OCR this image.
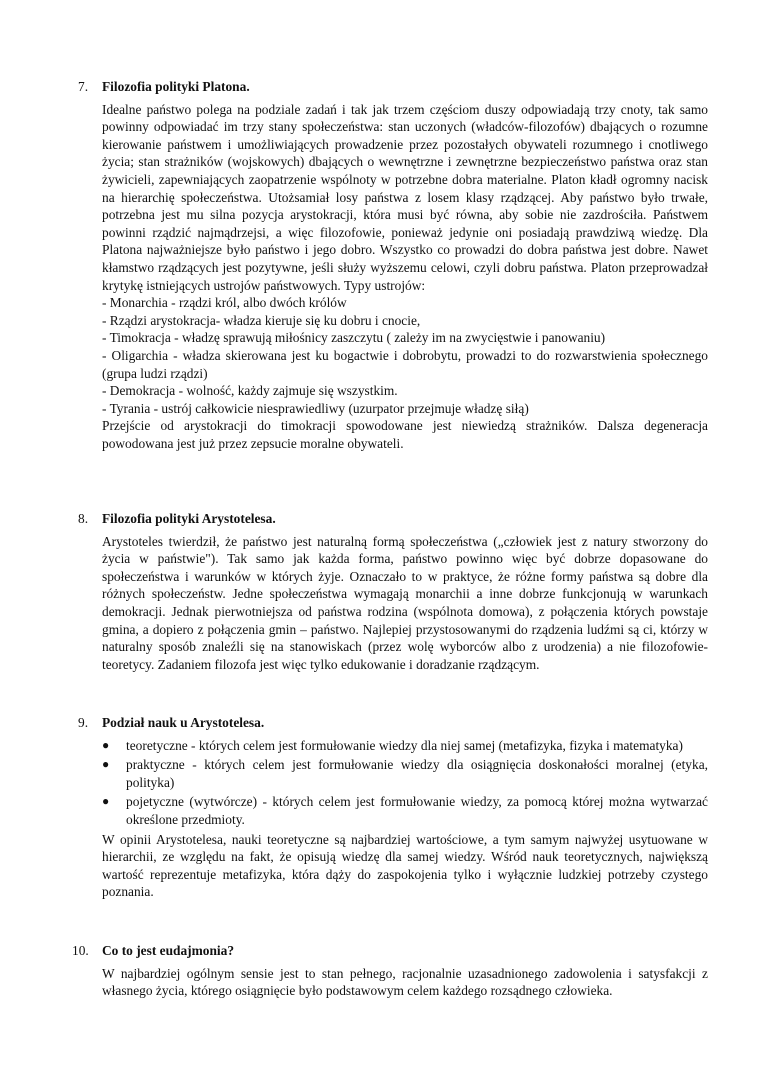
7.	Filozofia polityki Platona.

Idealne państwo polega na podziale zadań i tak jak trzem częściom duszy odpowiadają trzy cnoty, tak samo powinny odpowiadać im trzy stany społeczeństwa: stan uczonych (władców-filozofów) dbających o rozumne kierowanie państwem i umożliwiających prowadzenie przez pozostałych obywateli rozumnego i cnotliwego życia; stan strażników (wojskowych) dbających o wewnętrzne i zewnętrzne bezpieczeństwo państwa oraz stan żywicieli, zapewniających zaopatrzenie wspólnoty w potrzebne dobra materialne. Platon kładł ogromny nacisk na hierarchię społeczeństwa. Utożsamiał losy państwa z losem klasy rządzącej. Aby państwo było trwałe, potrzebna jest mu silna pozycja arystokracji, która musi być równa, aby sobie nie zazdrościła. Państwem powinni rządzić najmądrzejsi, a więc filozofowie, ponieważ jedynie oni posiadają prawdziwą wiedzę. Dla Platona najważniejsze było państwo i jego dobro. Wszystko co prowadzi do dobra państwa jest dobre. Nawet kłamstwo rządzących jest pozytywne, jeśli służy wyższemu celowi, czyli dobru państwa. Platon przeprowadzał krytykę istniejących ustrojów państwowych. Typy ustrojów:

- Monarchia - rządzi król, albo dwóch królów
- Rządzi arystokracja- władza kieruje się ku dobru i cnocie,
- Timokracja - władzę sprawują miłośnicy zaszczytu ( zależy im na zwycięstwie i panowaniu)

- Oligarchia - władza skierowana jest ku bogactwie i dobrobytu, prowadzi to do rozwarstwienia społecznego (grupa ludzi rządzi)

- Demokracja - wolność, każdy zajmuje się wszystkim.
- Tyrania - ustrój całkowicie niesprawiedliwy (uzurpator przejmuje władzę siłą)

Przejście od arystokracji do timokracji spowodowane jest niewiedzą strażników. Dalsza degeneracja powodowana jest już przez zepsucie moralne obywateli.

8.	Filozofia polityki Arystotelesa.

Arystoteles twierdził, że państwo jest naturalną formą społeczeństwa („człowiek jest z natury stworzony do życia w państwie"). Tak samo jak każda forma, państwo powinno więc być dobrze dopasowane do społeczeństwa i warunków w których żyje. Oznaczało to w praktyce, że różne formy państwa są dobre dla różnych społeczeństw. Jedne społeczeństwa wymagają monarchii a inne dobrze funkcjonują w warunkach demokracji. Jednak pierwotniejsza od państwa rodzina (wspólnota domowa), z połączenia których powstaje gmina, a dopiero z połączenia gmin – państwo. Najlepiej przystosowanymi do rządzenia ludźmi są ci, którzy w naturalny sposób znaleźli się na stanowiskach (przez wolę wyborców albo z urodzenia) a nie filozofowie-teoretycy. Zadaniem filozofa jest więc tylko edukowanie i doradzanie rządzącym.

9.	Podział nauk u Arystotelesa.
● teoretyczne - których celem jest formułowanie wiedzy dla niej samej (metafizyka, fizyka i matematyka)
● praktyczne - których celem jest formułowanie wiedzy dla osiągnięcia doskonałości moralnej (etyka, polityka)
● pojetyczne (wytwórcze) - których celem jest formułowanie wiedzy, za pomocą której można wytwarzać określone przedmioty.

W opinii Arystotelesa, nauki teoretyczne są najbardziej wartościowe, a tym samym najwyżej usytuowane w hierarchii, ze względu na fakt, że opisują wiedzę dla samej wiedzy. Wśród nauk teoretycznych, największą wartość reprezentuje metafizyka, która dąży do zaspokojenia tylko i wyłącznie ludzkiej potrzeby czystego poznania.

10. Co to jest eudajmonia?

W najbardziej ogólnym sensie jest to stan pełnego, racjonalnie uzasadnionego zadowolenia i satysfakcji z własnego życia, którego osiągnięcie było podstawowym celem każdego rozsądnego człowieka.
